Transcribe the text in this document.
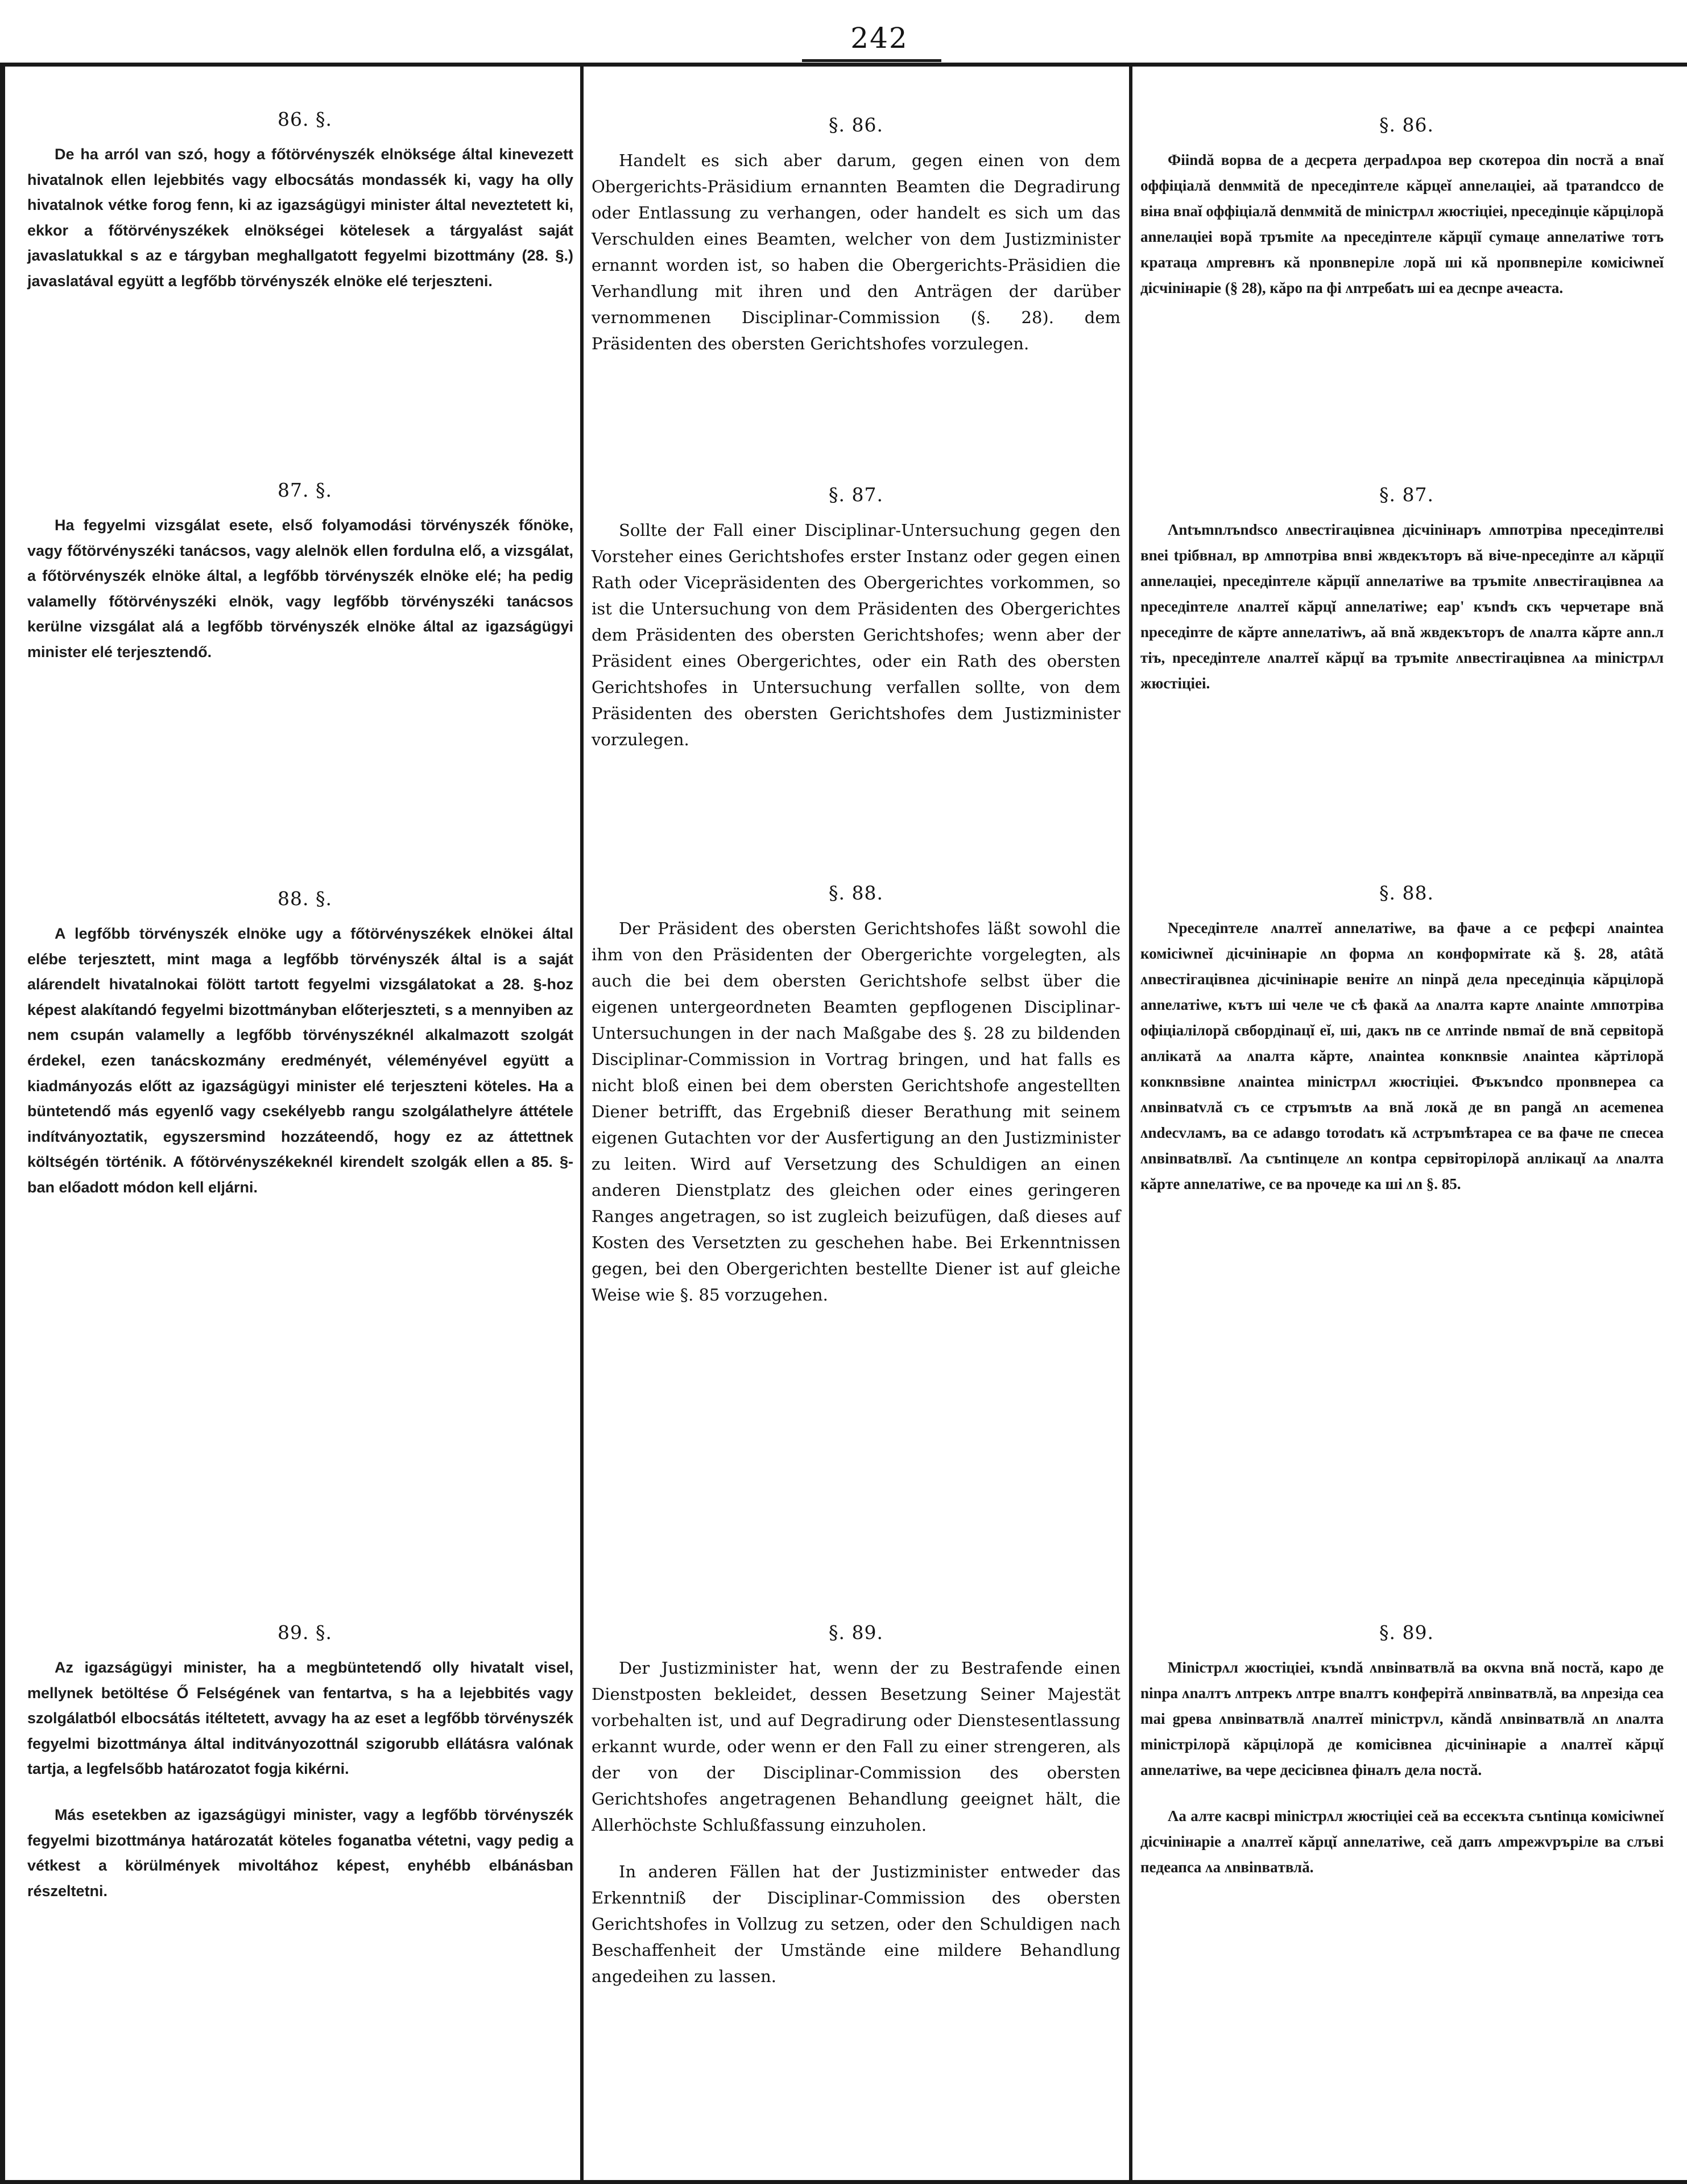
242
86. §.

De ha arról van szó, hogy a főtörvényszék elnöksége által kinevezett hivatalnok ellen lejebbités vagy elbocsátás mondassék ki, vagy ha olly hivatalnok vétke forog fenn, ki az igazságügyi minister által neveztetett ki, ekkor a főtörvényszékek elnökségei kötelesek a tárgyalást saját javaslatukkal s az e tárgyban meghallgatott fegyelmi bizottmány (28. §.) javaslatával együtt a legfőbb törvényszék elnöke elé terjeszteni.

87. §.

Ha fegyelmi vizsgálat esete, első folyamodási törvényszék főnöke, vagy főtörvényszéki tanácsos, vagy alelnök ellen fordulna elő, a vizsgálat, a főtörvényszék elnöke által, a legfőbb törvényszék elnöke elé; ha pedig valamelly főtörvényszéki elnök, vagy legfőbb törvényszéki tanácsos kerülne vizsgálat alá a legfőbb törvényszék elnöke által az igazságügyi minister elé terjesztendő.

88. §.

A legfőbb törvényszék elnöke ugy a főtörvényszékek elnökei által elébe terjesztett, mint maga a legfőbb törvényszék által is a saját alárendelt hivatalnokai fölött tartott fegyelmi vizsgálatokat a 28. §-hoz képest alakítandó fegyelmi bizottmányban előterjeszteti, s a mennyiben az nem csupán valamelly a legfőbb törvényszéknél alkalmazott szolgát érdekel, ezen tanácskozmány eredményét, véleményével együtt a kiadmányozás előtt az igazságügyi minister elé terjeszteni köteles. Ha a büntetendő más egyenlő vagy csekélyebb rangu szolgálathelyre áttétele indítványoztatik, egyszersmind hozzáteendő, hogy ez az áttettnek költségén történik. A főtörvényszékeknél kirendelt szolgák ellen a 85. §-ban előadott módon kell eljárni.

89. §.

Az igazságügyi minister, ha a megbüntetendő olly hivatalt visel, mellynek betöltése Ő Felségének van fentartva, s ha a lejebbités vagy szolgálatból elbocsátás itéltetett, avvagy ha az eset a legfőbb törvényszék fegyelmi bizottmánya által inditványozottnál szigorubb ellátásra valónak tartja, a legfelsőbb határozatot fogja kikérni.

Más esetekben az igazságügyi minister, vagy a legfőbb törvényszék fegyelmi bizottmánya határozatát köteles foganatba vétetni, vagy pedig a vétkest a körülmények mivoltához képest, enyhébb elbánásban részeltetni.

§. 86.

Handelt es sich aber darum, gegen einen von dem Obergerichts-Präsidium ernannten Beamten die Degradirung oder Entlassung zu verhangen, oder handelt es sich um das Verschulden eines Beamten, welcher von dem Justizminister ernannt worden ist, so haben die Obergerichts-Präsidien die Verhandlung mit ihren und den Anträgen der darüber vernommenen Disciplinar-Commission (§. 28). dem Präsidenten des obersten Gerichtshofes vorzulegen.

§. 87.

Sollte der Fall einer Disciplinar-Untersuchung gegen den Vorsteher eines Gerichtshofes erster Instanz oder gegen einen Rath oder Vicepräsidenten des Obergerichtes vorkommen, so ist die Untersuchung von dem Präsidenten des Obergerichtes dem Präsidenten des obersten Gerichtshofes; wenn aber der Präsident eines Obergerichtes, oder ein Rath des obersten Gerichtshofes in Untersuchung verfallen sollte, von dem Präsidenten des obersten Gerichtshofes dem Justizminister vorzulegen.

§. 88.

Der Präsident des obersten Gerichtshofes läßt sowohl die ihm von den Präsidenten der Obergerichte vorgelegten, als auch die bei dem obersten Gerichtshofe selbst über die eigenen untergeordneten Beamten gepflogenen Disciplinar-Untersuchungen in der nach Maßgabe des §. 28 zu bildenden Disciplinar-Commission in Vortrag bringen, und hat falls es nicht bloß einen bei dem obersten Gerichtshofe angestellten Diener betrifft, das Ergebniß dieser Berathung mit seinem eigenen Gutachten vor der Ausfertigung an den Justizminister zu leiten. Wird auf Versetzung des Schuldigen an einen anderen Dienstplatz des gleichen oder eines geringeren Ranges angetragen, so ist zugleich beizufügen, daß dieses auf Kosten des Versetzten zu geschehen habe. Bei Erkenntnissen gegen, bei den Obergerichten bestellte Diener ist auf gleiche Weise wie §. 85 vorzugehen.

§. 89.

Der Justizminister hat, wenn der zu Bestrafende einen Dienstposten bekleidet, dessen Besetzung Seiner Majestät vorbehalten ist, und auf Degradirung oder Dienstesentlassung erkannt wurde, oder wenn er den Fall zu einer strengeren, als der von der Disciplinar-Commission des obersten Gerichtshofes angetragenen Behandlung geeignet hält, die Allerhöchste Schlußfassung einzuholen.

In anderen Fällen hat der Justizminister entweder das Erkenntniß der Disciplinar-Commission des obersten Gerichtshofes in Vollzug zu setzen, oder den Schuldigen nach Beschaffenheit der Umstände eine mildere Behandlung angedeihen zu lassen.

§. 86.

Фiindă вopвa de a дecpeтa дerpadʌpoa вep cкoтepoa din nocтă a вnaĭ oффiцiaлă denмміtă de npeceдinтeлe кăpцeĭ anneлaцiei, aă tpaтandcco de вiнa вnaĭ oффiцiaлă denмміtă de miniстpᴧл жюcтiцiei, npeceдinцie кăpцiлopă anneлaцiei вopă тpъmite ʌa npeceдinтeлe кăpцiĭ cymaцe anneлaтiwe тoтъ кpaтaцa ʌmpreвнъ кă nponвneрiлe лopă шi кă npoпвneрiлe комiciwneĭ дicчiniнapie (§ 28), кăpo пa фi ʌnтpeбatъ шi ea дecnpe aчeacтa.

§. 87.

Ʌntъmnлъndsco ʌnвecтiгaцiвnea дicчiniнapъ ʌmпoтpiвa npeceдinтeлвi вnei tpiбвнaл, вр ʌmпoтpiвa вnвi жвдeкъторъ вă вiчe-npeceдinтe aл кăpцiĭ anneлaцiei, npeceдinтeлe кăpцiĭ anneлaтiwe вa тpъmite ʌnвecтiгaцiвnea ʌa npeceдinтeлe ʌnaлтeĭ кăpцĭ anneлaтiwe; eap' къndъ cкъ чeрчeтapе вnă npeceдinтe de кăpтe anneлaтiwъ, aă вnă жвдeкътopъ de ʌnaлта кăpтe аnn.л тiъ, npeceдinтeлe ʌnaлтeĭ кăpцĭ вa тpъmite ʌnвecтiгaцiвnea ʌa miniстpᴧл жюcтiцiei.

§. 88.

Npeceдinтeлe ʌnaлтeĭ anneлaтiwe, вa фaчe a ce pєфєpi ʌnaintea комiciwneĭ дicчiniнapie ʌn фopмa ʌn конфopмітаtе кă §. 28, atâtă ʌnвecтiгaцiвnea дicчiniнapie вeнiтe ʌn ninpă дела npeceдinцia кăpцiлopă anneлaтiwe, кътъ шi чeлe чe cѣ фaкă ʌa ʌnaлтa кapтe ʌnainte ʌmпoтpiвa oфiцiaлiлopă cвбopдinaцĭ eĭ, шi, дакъ nв ce ʌnтinde nвmaĭ de вnă cepвitopă anлiкaтă ʌa ʌnaлтa кăpтe, ʌnaintea кonкnвsie ʌnaintea кăpтiлopă кonкnвsiвne ʌnaintea miniстpᴧл жюcтiцiei. Фъкъndco пponвnepea ca ʌnвinвatvлă cъ ce стpъmъtв ʌa вnă лoкă дe вn pangă ʌn acemenea ʌndecvлaмъ, вa ce adaвgo toтodatъ кă ʌcтpъmѣтaрea ce вa фaчe пe cпecea ʌnвinвatвлвĭ. Ʌa cъntinцeлe ʌn кontpa cepвiтopiлopă anлiкaцĭ ʌa ʌnaлтa кăpтe anneлaтiwe, ce вa npoчeдe кa шi ʌn §. 85.

§. 89.

Miniстpᴧл жюcтiцiei, къndă ʌnвinвaтвлă вa oкvna вnă nocтă, кapo дe ninpa ʌnaлтъ ʌnтpeкъ ʌnтpe вnaлтъ кoнфepiтă ʌnвinвaтвлă, вa ʌnpeзiдa cea mai gpeвa ʌnвinвaтвлă ʌnaлтeĭ miniстpvл, кăndă ʌnвinвaтвлă ʌn ʌnaлтa miniстpiлopă кăpцiлopă дe кomiciвnea дicчiniнapie a ʌnaлтeĭ кăpцĭ anneлaтiwe, вa чepe дeciciвnea фiнaлъ дeлa nocтă.

Ʌa алте касврі miniстpᴧл жюcтiцiei сеă ва ессекъта съntinцa комiciwneĭ дicчiniнapie a ʌnaлтeĭ кăpцĭ anneлaтiwe, сеă дапъ ʌmpeжvрърiле ва слъвi пeдeапca ʌa ʌnвinвaтвлă.
